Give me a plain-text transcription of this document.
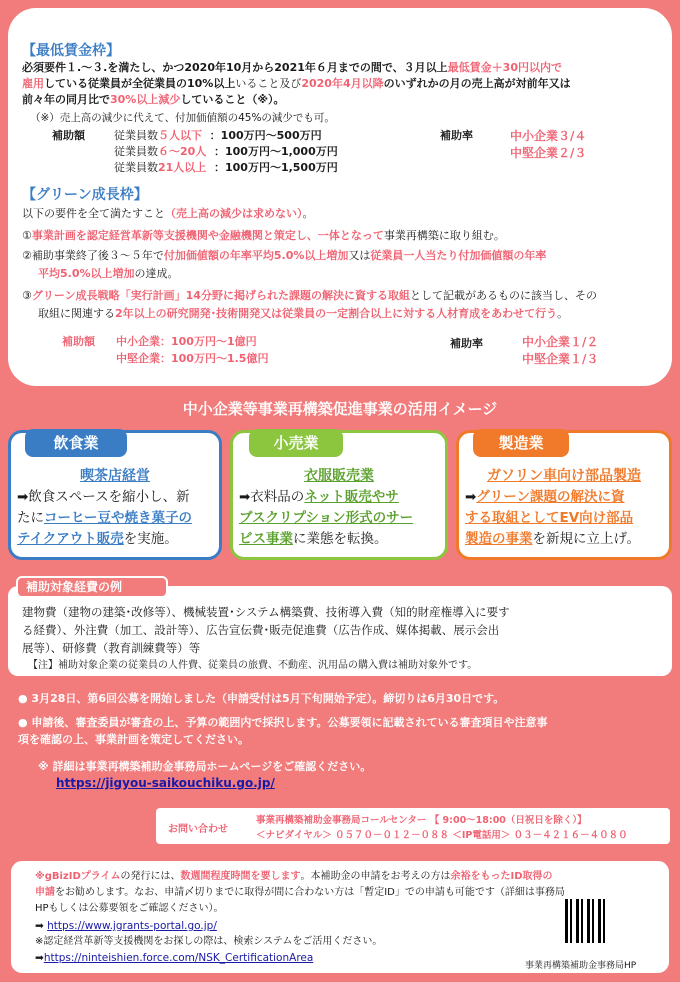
【最低賃金枠】
必須要件１.～３.を満たし、かつ2020年10月から2021年６月までの間で、３月以上最低賃金＋30円以内で
雇用している従業員が全従業員の10%以上いること及び2020年4月以降のいずれかの月の売上高が対前年又は
前々年の同月比で30%以上減少していること（※）。
（※）売上高の減少に代えて、付加価値額の45%の減少でも可。
補助額	従業員数５人以下 ：100万円～500万円
従業員数６～20人 ：100万円～1,000万円
従業員数21人以上 ：100万円～1,500万円
補助率	中小企業３/４
中堅企業２/３
【グリーン成長枠】
以下の要件を全て満たすこと（売上高の減少は求めない）。
①事業計画を認定経営革新等支援機関や金融機関と策定し、一体となって事業再構築に取り組む。
②補助事業終了後３～５年で付加価値額の年率平均5.0%以上増加又は従業員一人当たり付加価値額の年率
平均5.0%以上増加の達成。
③グリーン成長戦略「実行計画」14分野に掲げられた課題の解決に資する取組として記載があるものに該当し、その
取組に関連する2年以上の研究開発･技術開発又は従業員の一定割合以上に対する人材育成をあわせて行う。
補助額 中小企業：100万円～1億円
中堅企業：100万円～1.5億円
補助率	中小企業１/２
中堅企業１/３
中小企業等事業再構築促進事業の活用イメージ
飲食業
喫茶店経営
➡飲食スペースを縮小し、新
たにコーヒー豆や焼き菓子の
テイクアウト販売を実施。
小売業
衣服販売業
➡衣料品のネット販売やサ
ブスクリプション形式のサー
ビス事業に業態を転換。
製造業
ガソリン車向け部品製造
➡グリーン課題の解決に資
する取組としてEV向け部品
製造の事業を新規に立上げ。
補助対象経費の例
建物費（建物の建築･改修等）、機械装置･システム構築費、技術導入費（知的財産権導入に要す
る経費）、外注費（加工、設計等）、広告宣伝費･販売促進費（広告作成、媒体掲載、展示会出
展等）、研修費（教育訓練費等）等
【注】補助対象企業の従業員の人件費、従業員の旅費、不動産、汎用品の購入費は補助対象外です。
● 3月28日、第6回公募を開始しました（申請受付は5月下旬開始予定）。締切りは6月30日です。
● 申請後、審査委員が審査の上、予算の範囲内で採択します。公募要領に記載されている審査項目や注意事
項を確認の上、事業計画を策定してください。
※ 詳細は事業再構築補助金事務局ホームページをご確認ください。
https://jigyou-saikouchiku.go.jp/
お問い合わせ
事業再構築補助金事務局コールセンター 【 9:00～18:00（日祝日を除く）】
＜ナビダイヤル＞ ０５７０－０１２－０８８ ＜IP電話用＞ ０３－４２１６－４０８０
※gBizIDプライムの発行には、数週間程度時間を要します。本補助金の申請をお考えの方は余裕をもったID取得の
申請をお勧めします。なお、申請〆切りまでに取得が間に合わない方は「暫定ID」での申請も可能です（詳細は事務局
HPもしくは公募要領をご確認ください）。
➡ https://www.jgrants-portal.go.jp/
※認定経営革新等支援機関をお探しの際は、検索システムをご活用ください。
➡https://ninteishien.force.com/NSK_CertificationArea
事業再構築補助金事務局HP
